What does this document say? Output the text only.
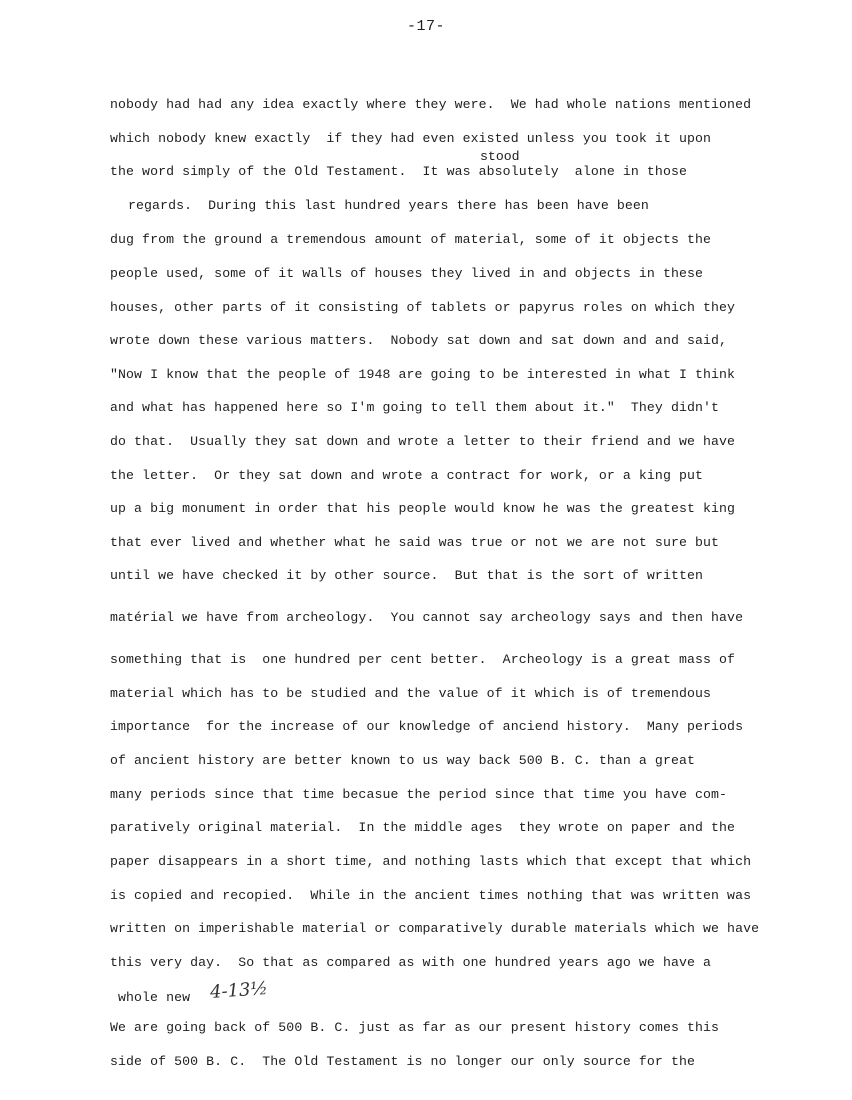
-17-
stood
nobody had had any idea exactly where they were.  We had whole nations mentioned
which nobody knew exactly  if they had even existed unless you took it upon
the word simply of the Old Testament.  It was absolutely  alone in those
regards.  During this last hundred years there has been have been
dug from the ground a tremendous amount of material, some of it objects the
people used, some of it walls of houses they lived in and objects in these
houses, other parts of it consisting of tablets or papyrus roles on which they
wrote down these various matters.  Nobody sat down and sat down and and said,
"Now I know that the people of 1948 are going to be interested in what I think
and what has happened here so I'm going to tell them about it."  They didn't
do that.  Usually they sat down and wrote a letter to their friend and we have
the letter.  Or they sat down and wrote a contract for work, or a king put
up a big monument in order that his people would know he was the greatest king
that ever lived and whether what he said was true or not we are not sure but
until we have checked it by other source.  But that is the sort of written
matérial we have from archeology.  You cannot say archeology says and then have
something that is  one hundred per cent better.  Archeology is a great mass of
material which has to be studied and the value of it which is of tremendous
importance  for the increase of our knowledge of anciend history.  Many periods
of ancient history are better known to us way back 500 B. C. than a great
many periods since that time becasue the period since that time you have com-
paratively original material.  In the middle ages  they wrote on paper and the
paper disappears in a short time, and nothing lasts which that except that which
is copied and recopied.  While in the ancient times nothing that was written was
written on imperishable material or comparatively durable materials which we have
this very day.  So that as compared as with one hundred years ago we have a
whole new
We are going back of 500 B. C. just as far as our present history comes this
side of 500 B. C.  The Old Testament is no longer our only source for the
4-13½
